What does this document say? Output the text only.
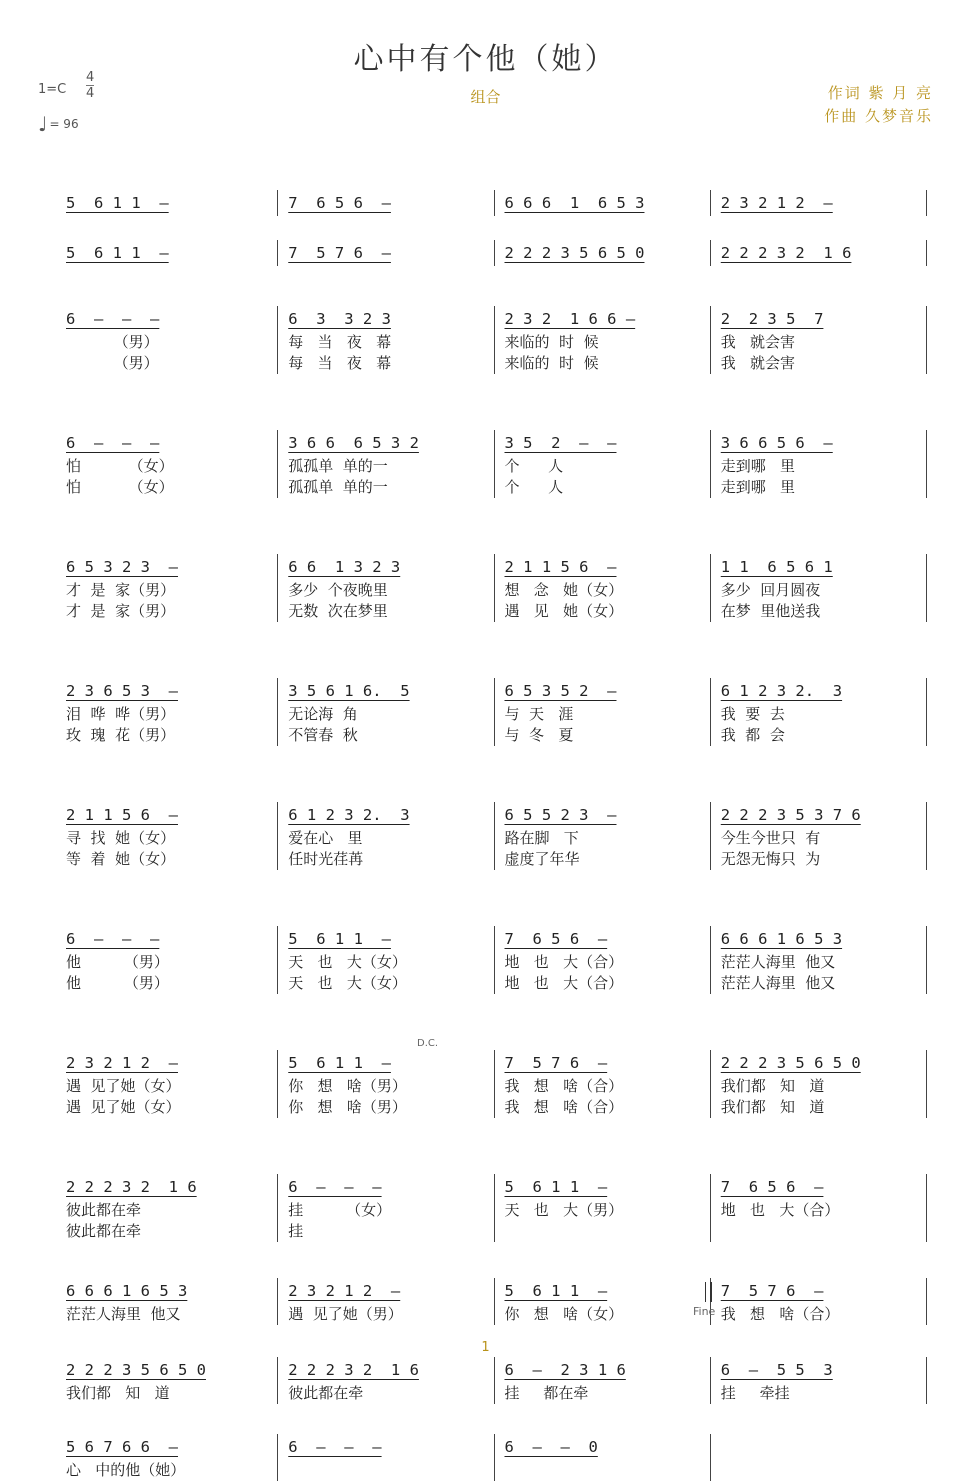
心中有个他（她）
组合
1=C
4
4
♩ = 96
作词 紫 月 亮
作曲 久梦音乐
5  6 1 1  –	7  6 5 6  –	6 6 6  1  6 5 3	2 3 2 1 2  –
5  6 1 1  –	7  5 7 6  –	2 2 2 3 5 6 5 0	2 2 2 3 2  1 6
6  –  –  –
（男）
（男）
6  3  3 2 3
每   当   夜   幕
每   当   夜   幕
2 3 2  1 6 6 –
来临的  时  候
来临的  时  候
2  2 3 5  7
我   就会害
我   就会害
6  –  –  –
怕          （女）
怕          （女）
3 6 6  6 5 3 2
孤孤单  单的一
孤孤单  单的一
3 5  2  –  –
个      人
个      人
3 6 6 5 6  –
走到哪   里
走到哪   里
6 5 3 2 3  –
才  是  家（男）
才  是  家（男）
6 6  1 3 2 3
多少  个夜晚里
无数  次在梦里
2 1 1 5 6  –
想   念   她（女）
遇   见   她（女）
1 1  6 5 6 1
多少  回月圆夜
在梦  里他送我
2 3 6 5 3  –
泪  哗  哗（男）
玫  瑰  花（男）
3 5 6 1 6.  5
无论海  角
不管春  秋
6 5 3 5 2  –
与  天   涯
与  冬   夏
6 1 2 3 2.  3
我  要  去
我  都  会
2 1 1 5 6  –
寻  找  她（女）
等  着  她（女）
6 1 2 3 2.  3
爱在心   里
任时光荏苒
6 5 5 2 3  –
路在脚   下
虚度了年华
2 2 2 3 5 3 7 6
今生今世只  有
无怨无悔只  为
6  –  –  –
他         （男）
他         （男）
5  6 1 1  –
天   也   大（女）
天   也   大（女）
7  6 5 6  –
地   也   大（合）
地   也   大（合）
6 6 6 1 6 5 3
茫茫人海里  他又
茫茫人海里  他又
2 3 2 1 2  –
遇  见了她（女）
遇  见了她（女）
5  6 1 1  –
你   想   啥（男）
你   想   啥（男）
7  5 7 6  –
我   想   啥（合）
我   想   啥（合）
2 2 2 3 5 6 5 0
我们都   知   道
我们都   知   道
2 2 2 3 2  1 6
彼此都在牵
彼此都在牵
6  –  –  –
挂         （女）
挂
5  6 1 1  –
天   也   大（男）
7  6 5 6  –
地   也   大（合）
6 6 6 1 6 5 3
茫茫人海里  他又
2 3 2 1 2  –
遇  见了她（男）
5  6 1 1  –
你   想   啥（女）
7  5 7 6  –
我   想   啥（合）
2 2 2 3 5 6 5 0
我们都   知   道
2 2 2 3 2  1 6
彼此都在牵
6  –  2 3 1 6
挂     都在牵
6  –  5 5  3
挂     牵挂
5 6 7 6 6  –
心   中的他（她）
6  –  –  –	6  –  –  0
D.C.
Fine
1
